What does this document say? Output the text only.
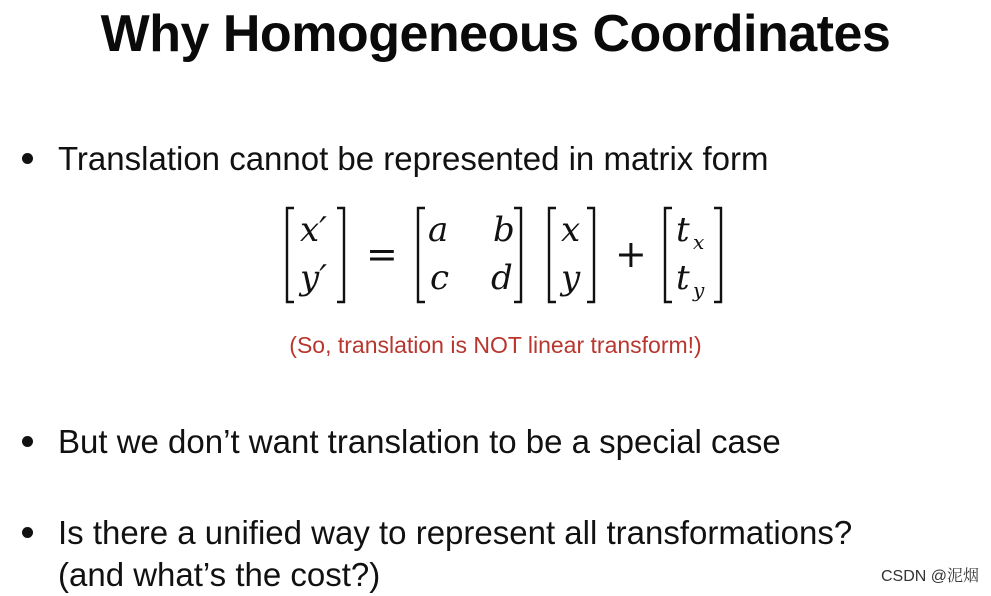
Why Homogeneous Coordinates
Translation cannot be represented in matrix form
x′
y′
=
a b
c d
x
y
+
t x
t y
(So, translation is NOT linear transform!)
But we don’t want translation to be a special case
Is there a unified way to represent all transformations?
(and what’s the cost?)	CSDN @泥烟
